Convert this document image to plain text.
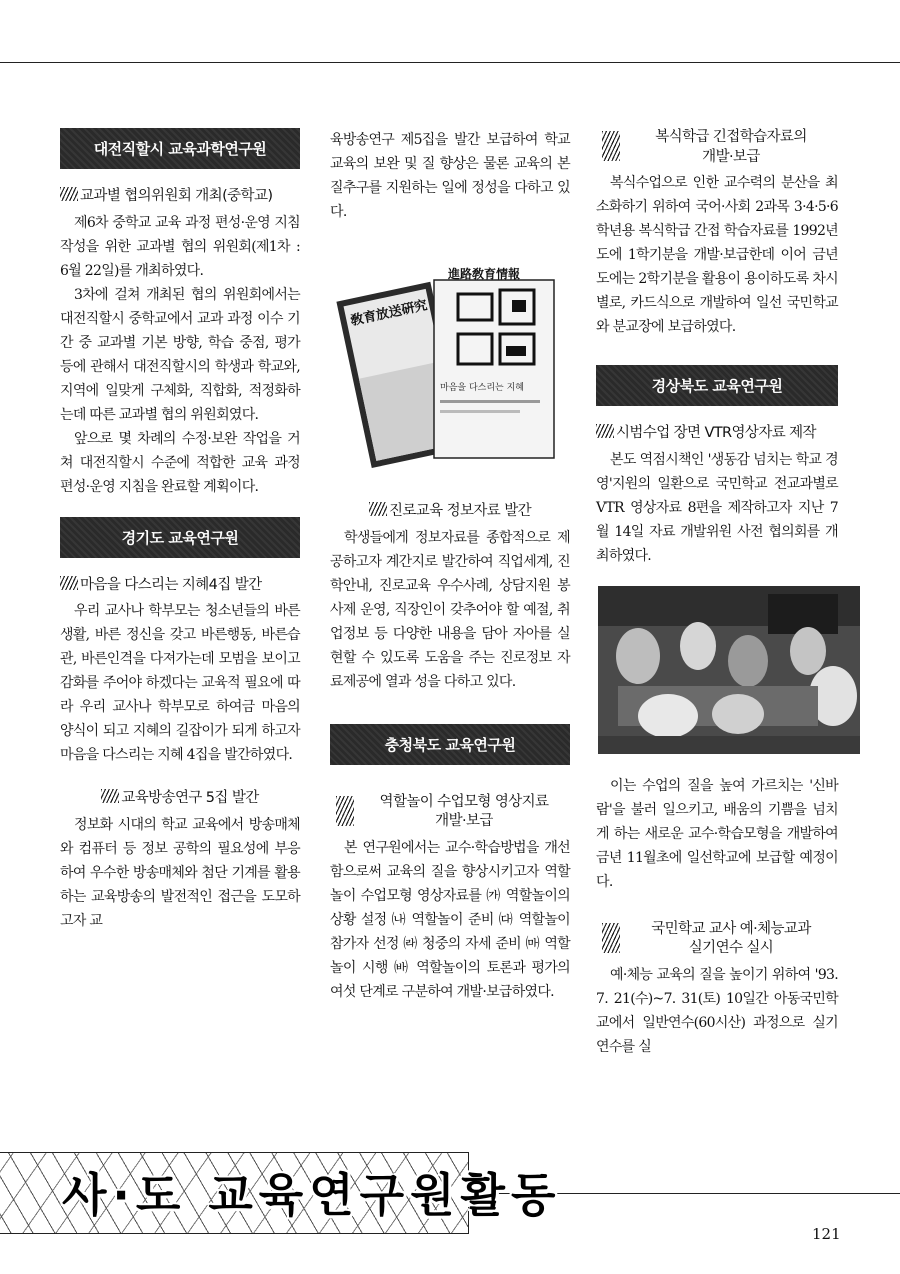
대전직할시 교육과학연구원
교과별 협의위원회 개최(중학교)

제6차 중학교 교육 과정 편성·운영 지침 작성을 위한 교과별 협의 위원회(제1차 : 6월 22일)를 개최하였다.

3차에 걸쳐 개최된 협의 위원회에서는 대전직할시 중학교에서 교과 과정 이수 기간 중 교과별 기본 방향, 학습 중점, 평가 등에 관해서 대전직할시의 학생과 학교와, 지역에 일맞게 구체화, 직합화, 적정화하는데 따른 교과별 협의 위원회였다.

앞으로 몇 차례의 수정·보완 작업을 거쳐 대전직할시 수준에 적합한 교육 과정 편성·운영 지침을 완료할 계획이다.

경기도 교육연구원
마음을 다스리는 지혜4집 발간

우리 교사나 학부모는 청소년들의 바른생활, 바른 정신을 갖고 바른행동, 바른습관, 바른인격을 다져가는데 모범을 보이고 감화를 주어야 하겠다는 교육적 필요에 따라 우리 교사나 학부모로 하여금 마음의 양식이 되고 지혜의 길잡이가 되게 하고자 마음을 다스리는 지혜 4집을 발간하였다.

교육방송연구 5집 발간

정보화 시대의 학교 교육에서 방송매체와 컴퓨터 등 정보 공학의 필요성에 부응하여 우수한 방송매체와 첨단 기계를 활용하는 교육방송의 발전적인 접근을 도모하고자 교

육방송연구 제5집을 발간 보급하여 학교교육의 보완 및 질 향상은 물론 교육의 본질추구를 지원하는 일에 정성을 다하고 있다.

敎育放送硏究
進路敎育情報
마음을 다스리는 지혜
진로교육 정보자료 발간

학생들에게 정보자료를 종합적으로 제공하고자 계간지로 발간하여 직업세계, 진학안내, 진로교육 우수사례, 상담지원 봉사제 운영, 직장인이 갖추어야 할 예절, 취업정보 등 다양한 내용을 담아 자아를 실현할 수 있도록 도움을 주는 진로정보 자료제공에 열과 성을 다하고 있다.

충청북도 교육연구원
역할놀이 수업모형 영상지료
개발·보급

본 연구원에서는 교수·학습방법을 개선함으로써 교육의 질을 향상시키고자 역할놀이 수업모형 영상자료를 ㈎ 역할놀이의 상황 설정 ㈏ 역할놀이 준비 ㈐ 역할놀이 참가자 선정 ㈑ 청중의 자세 준비 ㈒ 역할놀이 시행 ㈓ 역할놀이의 토론과 평가의 여섯 단계로 구분하여 개발·보급하였다.

복식학급 긴접학습자료의
개발·보급

복식수업으로 인한 교수력의 분산을 최소화하기 위하여 국어·사회 2과목 3·4·5·6학년용 복식학급 간접 학습자료를 1992년도에 1학기분을 개발·보급한데 이어 금년도에는 2학기분을 활용이 용이하도록 차시별로, 카드식으로 개발하여 일선 국민학교와 분교장에 보급하였다.

경상북도 교육연구원
시범수업 장면 VTR영상자료 제작

본도 역점시책인 '생동감 넘치는 학교 경영'지원의 일환으로 국민학교 전교과별로 VTR 영상자료 8편을 제작하고자 지난 7월 14일 자료 개발위원 사전 협의회를 개최하였다.

이는 수업의 질을 높여 가르치는 '신바람'을 불러 일으키고, 배움의 기쁨을 넘치게 하는 새로운 교수·학습모형을 개발하여 금년 11월초에 일선학교에 보급할 예정이다.

국민학교 교사 예·체능교과
실기연수 실시

예·체능 교육의 질을 높이기 위하여 '93. 7. 21(수)~7. 31(토) 10일간 아동국민학교에서 일반연수(60시산) 과정으로 실기연수를 실

사·도 교육연구원활동
121
